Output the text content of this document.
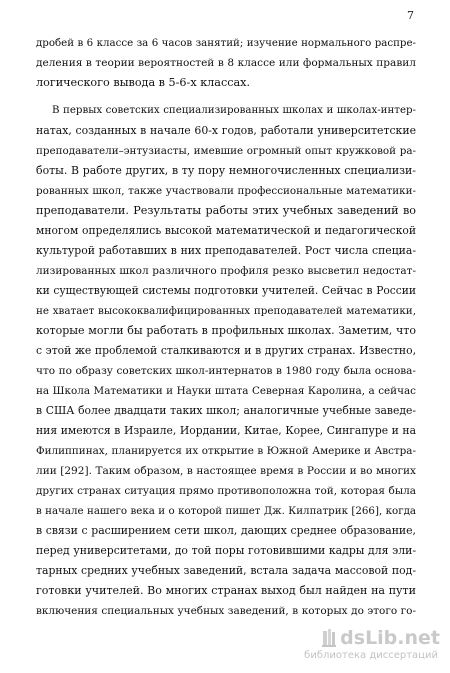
7
дробей в 6 классе за 6 часов занятий; изучение нормального распре-
деления в теории вероятностей в 8 классе или формальных правил
логического вывода в 5-6-х классах.
В первых советских специализированных школах и школах-интер-
натах, созданных в начале 60-х годов, работали университетские
преподаватели–энтузиасты, имевшие огромный опыт кружковой ра-
боты. В работе других, в ту пору немногочисленных специализи-
рованных школ, также участвовали профессиональные математики-
преподаватели. Результаты работы этих учебных заведений во
многом определялись высокой математической и педагогической
культурой работавших в них преподавателей. Рост числа специа-
лизированных школ различного профиля резко высветил недостат-
ки существующей системы подготовки учителей. Сейчас в России
не хватает высококвалифицированных преподавателей математики,
которые могли бы работать в профильных школах. Заметим, что
с этой же проблемой сталкиваются и в других странах. Известно,
что по образу советских школ-интернатов в 1980 году была основа-
на Школа Математики и Науки штата Северная Каролина, а сейчас
в США более двадцати таких школ; аналогичные учебные заведе-
ния имеются в Израиле, Иордании, Китае, Корее, Сингапуре и на
Филиппинах, планируется их открытие в Южной Америке и Австра-
лии [292]. Таким образом, в настоящее время в России и во многих
других странах ситуация прямо противоположна той, которая была
в начале нашего века и о которой пишет Дж. Килпатрик [266], когда
в связи с расширением сети школ, дающих среднее образование,
перед университетами, до той поры готовившими кадры для эли-
тарных средних учебных заведений, встала задача массовой под-
готовки учителей. Во многих странах выход был найден на пути
включения специальных учебных заведений, в которых до этого го-
dsLib.net
библиотека диссертаций
